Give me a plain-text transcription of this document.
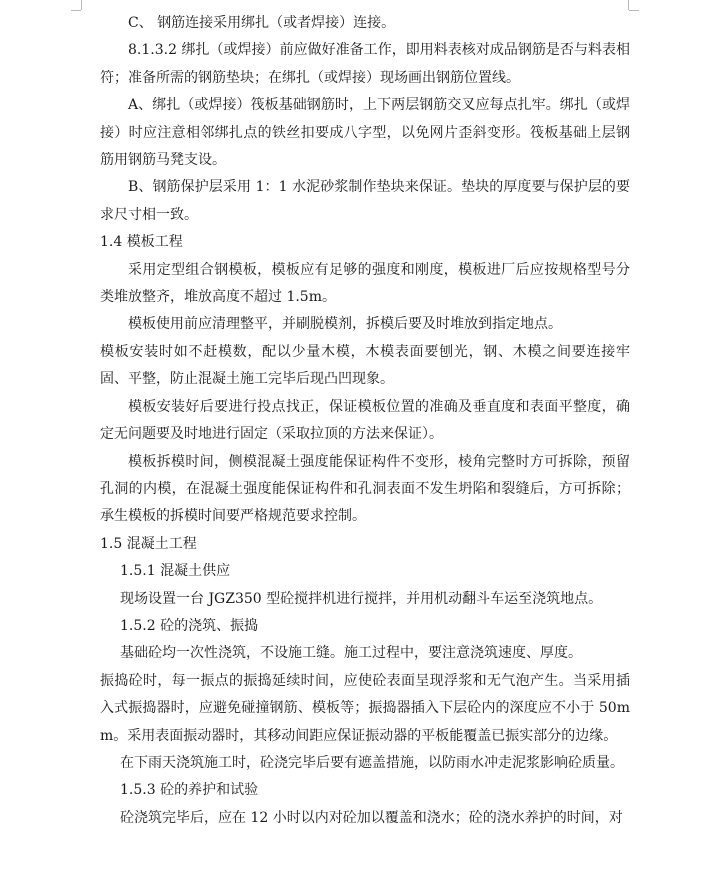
C、 钢筋连接采用绑扎（或者焊接）连接。

8.1.3.2 绑扎（或焊接）前应做好准备工作，即用料表核对成品钢筋是否与料表相符；准备所需的钢筋垫块；在绑扎（或焊接）现场画出钢筋位置线。

A、绑扎（或焊接）筏板基础钢筋时，上下两层钢筋交叉应每点扎牢。绑扎（或焊接）时应注意相邻绑扎点的铁丝扣要成八字型，以免网片歪斜变形。筏板基础上层钢筋用钢筋马凳支设。

B、钢筋保护层采用 1：1 水泥砂浆制作垫块来保证。垫块的厚度要与保护层的要求尺寸相一致。

1.4 模板工程

采用定型组合钢模板，模板应有足够的强度和刚度，模板进厂后应按规格型号分类堆放整齐，堆放高度不超过 1.5m。

模板使用前应清理整平，并刷脱模剂，拆模后要及时堆放到指定地点。

模板安装时如不赶模数，配以少量木模，木模表面要刨光，钢、木模之间要连接牢固、平整，防止混凝土施工完毕后现凸凹现象。

模板安装好后要进行投点找正，保证模板位置的准确及垂直度和表面平整度，确定无问题要及时地进行固定（采取拉顶的方法来保证）。

模板拆模时间，侧模混凝土强度能保证构件不变形，棱角完整时方可拆除，预留孔洞的内模，在混凝土强度能保证构件和孔洞表面不发生坍陷和裂缝后，方可拆除；承生模板的拆模时间要严格规范要求控制。

1.5 混凝土工程

1.5.1 混凝土供应

现场设置一台 JGZ350 型砼搅拌机进行搅拌，并用机动翻斗车运至浇筑地点。

1.5.2 砼的浇筑、振捣

基础砼均一次性浇筑，不设施工缝。施工过程中，要注意浇筑速度、厚度。

振捣砼时，每一振点的振捣延续时间，应使砼表面呈现浮浆和无气泡产生。当采用插入式振捣器时，应避免碰撞钢筋、模板等；振捣器插入下层砼内的深度应不小于 50mm。采用表面振动器时，其移动间距应保证振动器的平板能覆盖已振实部分的边缘。

在下雨天浇筑施工时，砼浇完毕后要有遮盖措施，以防雨水冲走泥浆影响砼质量。

1.5.3 砼的养护和试验

砼浇筑完毕后，应在 12 小时以内对砼加以覆盖和浇水；砼的浇水养护的时间，对
